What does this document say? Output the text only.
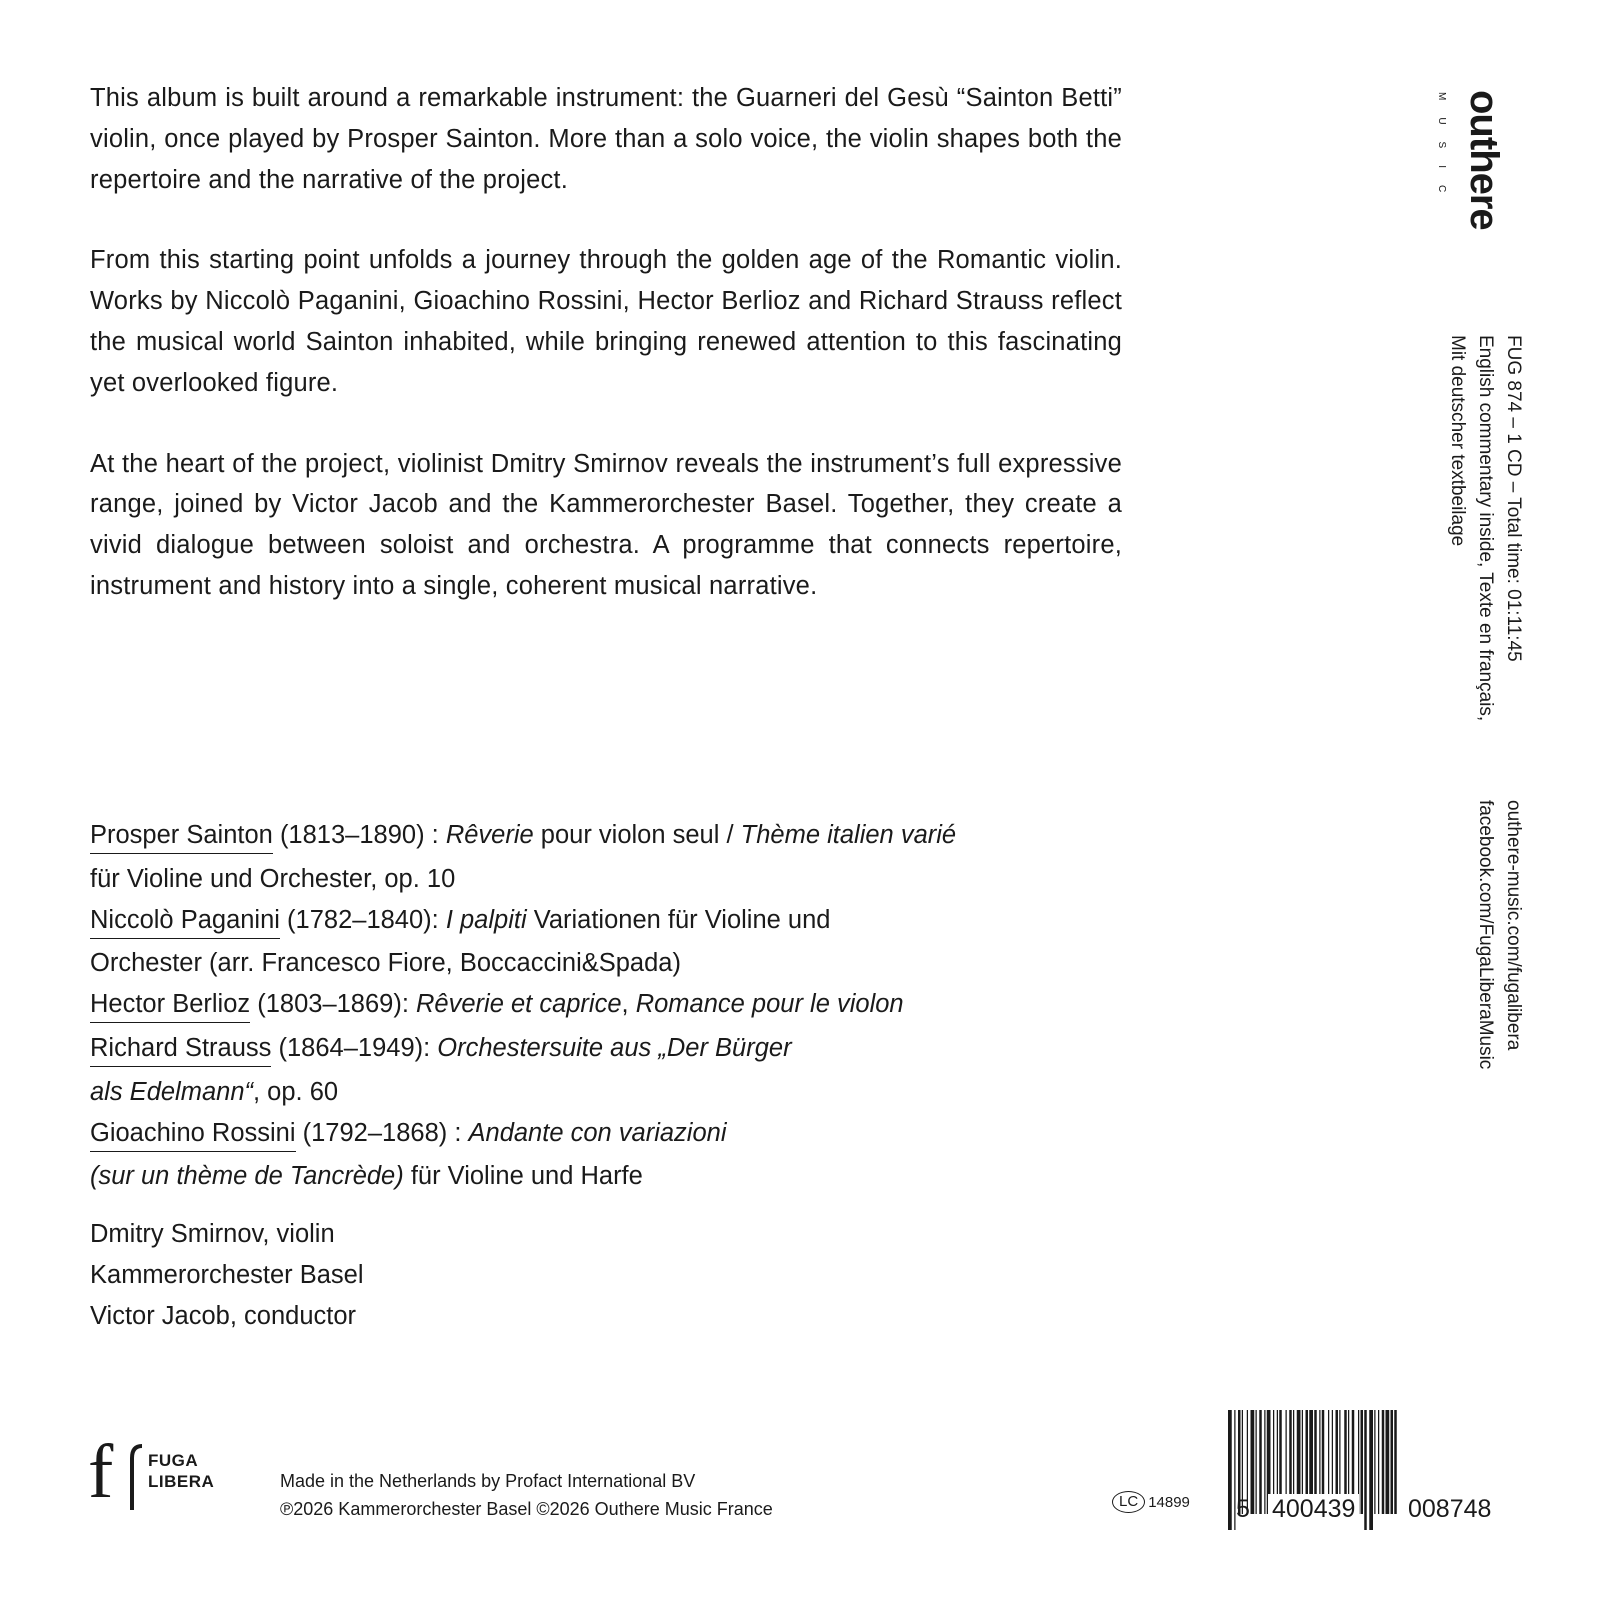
This album is built around a remarkable instrument: the Guarneri del Gesù “Sainton Betti” violin, once played by Prosper Sainton. More than a solo voice, the violin shapes both the repertoire and the narrative of the project.

From this starting point unfolds a journey through the golden age of the Romantic violin. Works by Niccolò Paganini, Gioachino Rossini, Hector Berlioz and Richard Strauss reflect the musical world Sainton inhabited, while bringing renewed attention to this fascinating yet overlooked figure.

At the heart of the project, violinist Dmitry Smirnov reveals the instrument’s full expressive range, joined by Victor Jacob and the Kammerorchester Basel. Together, they create a vivid dialogue between soloist and orchestra. A programme that connects repertoire, instrument and history into a single, coherent musical narrative.

Prosper Sainton (1813–1890) : Rêverie pour violon seul / Thème italien varié
für Violine und Orchester, op. 10
Niccolò Paganini (1782–1840): I palpiti Variationen für Violine und
Orchester (arr. Francesco Fiore, Boccaccini&Spada)
Hector Berlioz (1803–1869): Rêverie et caprice, Romance pour le violon
Richard Strauss (1864–1949): Orchestersuite aus „Der Bürger
als Edelmann“, op. 60
Gioachino Rossini (1792–1868) : Andante con variazioni
(sur un thème de Tancrède) für Violine und Harfe
Dmitry Smirnov, violin
Kammerorchester Basel
Victor Jacob, conductor
outhere
MUSIC
FUG 874 – 1 CD – Total time: 01:11:45
English commentary inside, Texte en français,
Mit deutscher textbeilage
outhere-music.com/fugalibera
facebook.com/FugaLiberaMusic
f FUGA
LIBERA	Made in the Netherlands by Profact International BV
℗2026 Kammerorchester Basel ©2026 Outhere Music France	LC 14899 5 400439 008748
